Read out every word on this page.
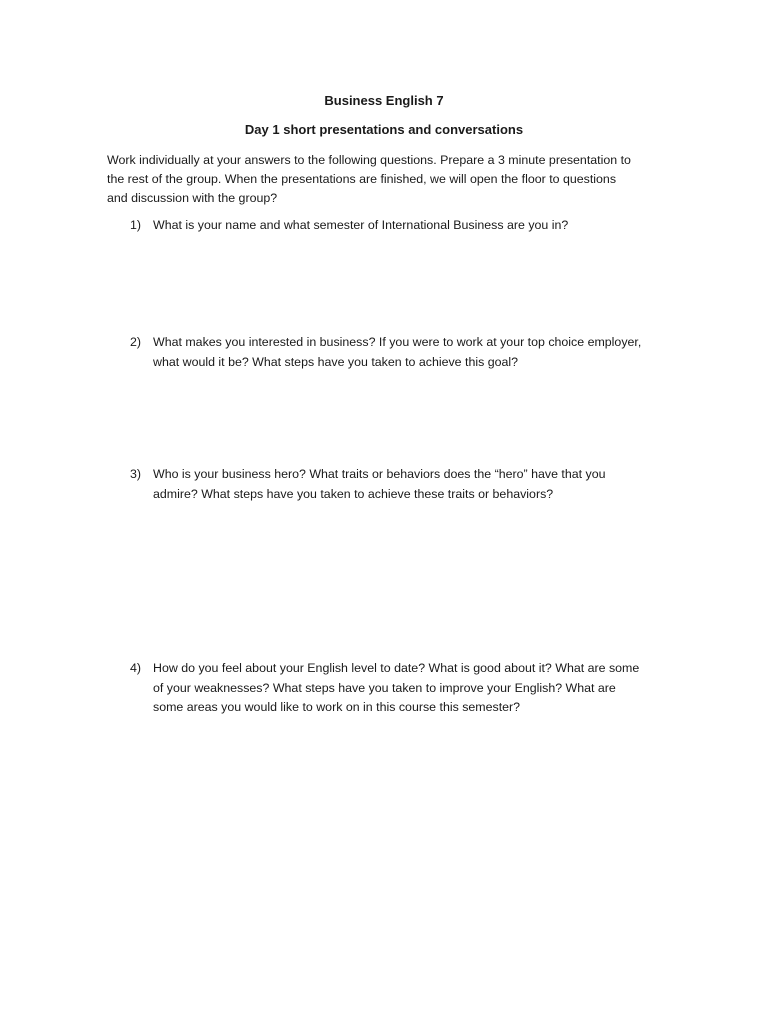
Business English 7
Day 1 short presentations and conversations
Work individually at your answers to the following questions. Prepare a 3 minute presentation to
the rest of the group. When the presentations are finished, we will open the floor to questions
and discussion with the group?
1) What is your name and what semester of International Business are you in?
2) What makes you interested in business? If you were to work at your top choice employer,
what would it be? What steps have you taken to achieve this goal?
3) Who is your business hero? What traits or behaviors does the “hero” have that you
admire? What steps have you taken to achieve these traits or behaviors?
4) How do you feel about your English level to date? What is good about it? What are some
of your weaknesses? What steps have you taken to improve your English? What are
some areas you would like to work on in this course this semester?
